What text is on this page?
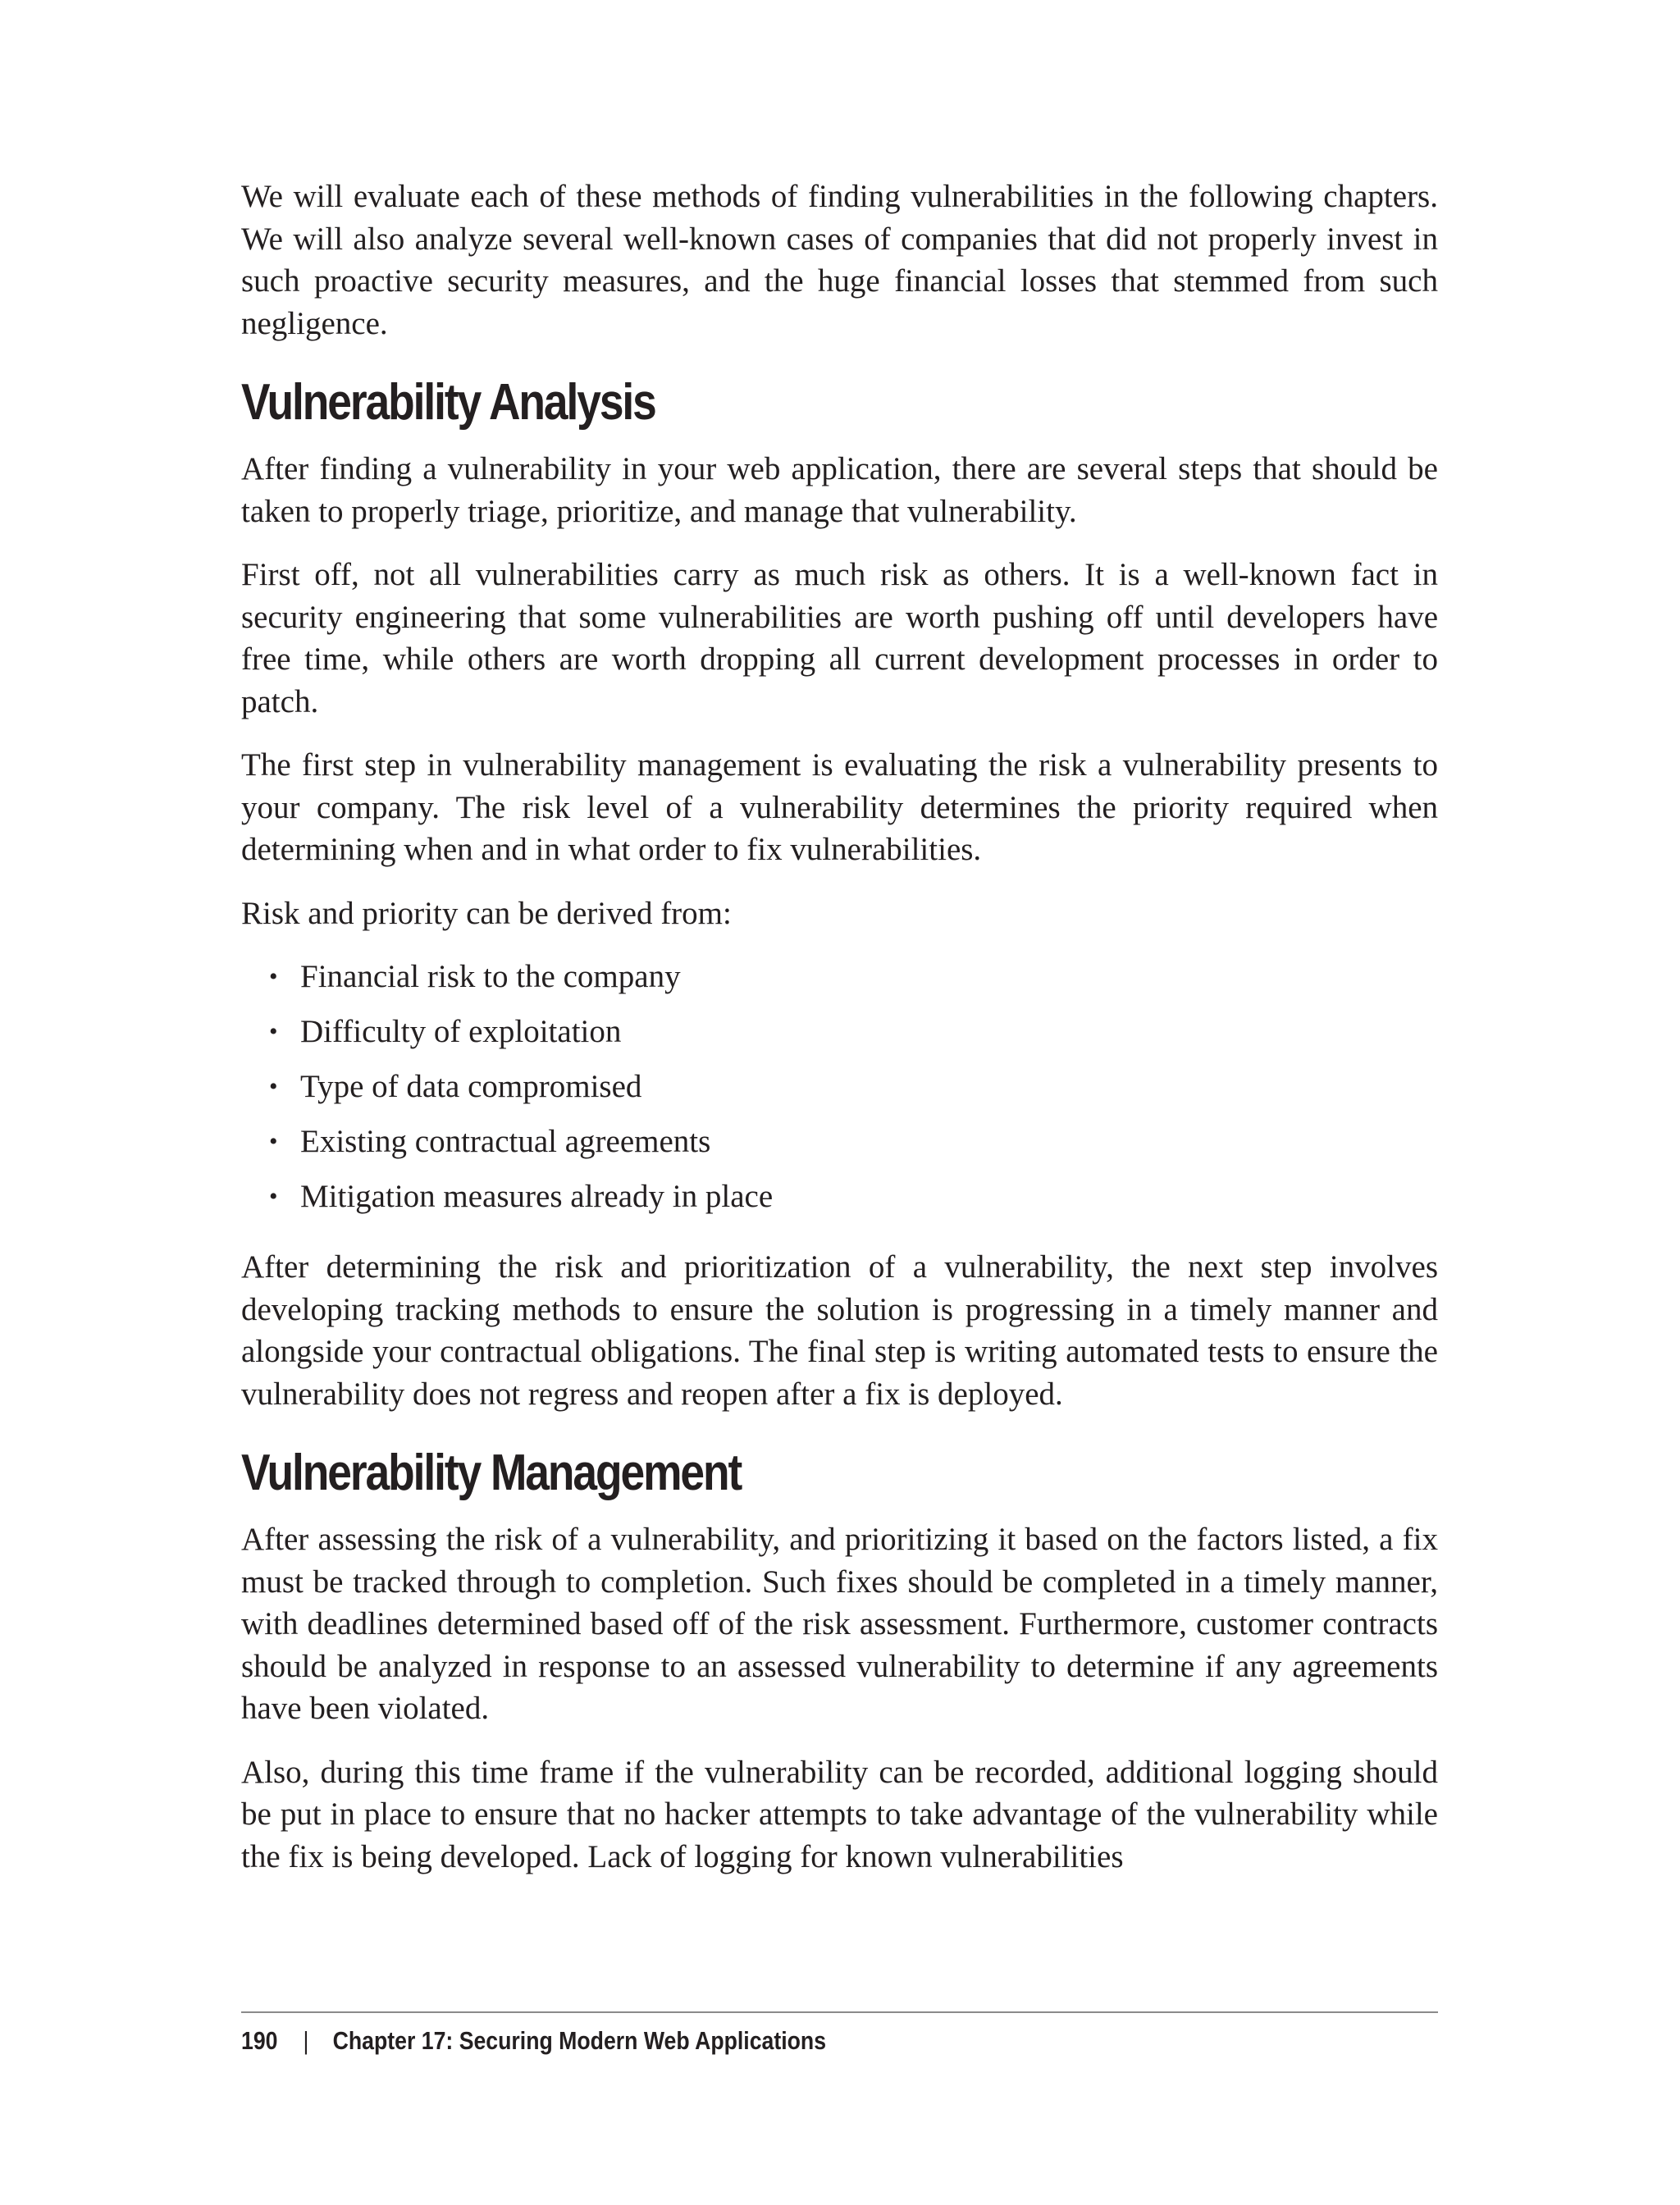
We will evaluate each of these methods of finding vulnerabilities in the following chapters. We will also analyze several well-known cases of companies that did not properly invest in such proactive security measures, and the huge financial losses that stemmed from such negligence.

Vulnerability Analysis

After finding a vulnerability in your web application, there are several steps that should be taken to properly triage, prioritize, and manage that vulnerability.

First off, not all vulnerabilities carry as much risk as others. It is a well-known fact in security engineering that some vulnerabilities are worth pushing off until developers have free time, while others are worth dropping all current development processes in order to patch.

The first step in vulnerability management is evaluating the risk a vulnerability presents to your company. The risk level of a vulnerability determines the priority required when determining when and in what order to fix vulnerabilities.

Risk and priority can be derived from:

• Financial risk to the company
• Difficulty of exploitation
• Type of data compromised
• Existing contractual agreements
• Mitigation measures already in place

After determining the risk and prioritization of a vulnerability, the next step involves developing tracking methods to ensure the solution is progressing in a timely manner and alongside your contractual obligations. The final step is writing automated tests to ensure the vulnerability does not regress and reopen after a fix is deployed.

Vulnerability Management

After assessing the risk of a vulnerability, and prioritizing it based on the factors listed, a fix must be tracked through to completion. Such fixes should be completed in a timely manner, with deadlines determined based off of the risk assessment. Furthermore, customer contracts should be analyzed in response to an assessed vulnerability to determine if any agreements have been violated.

Also, during this time frame if the vulnerability can be recorded, additional logging should be put in place to ensure that no hacker attempts to take advantage of the vulnerability while the fix is being developed. Lack of logging for known vulnerabilities

190 | Chapter 17: Securing Modern Web Applications
